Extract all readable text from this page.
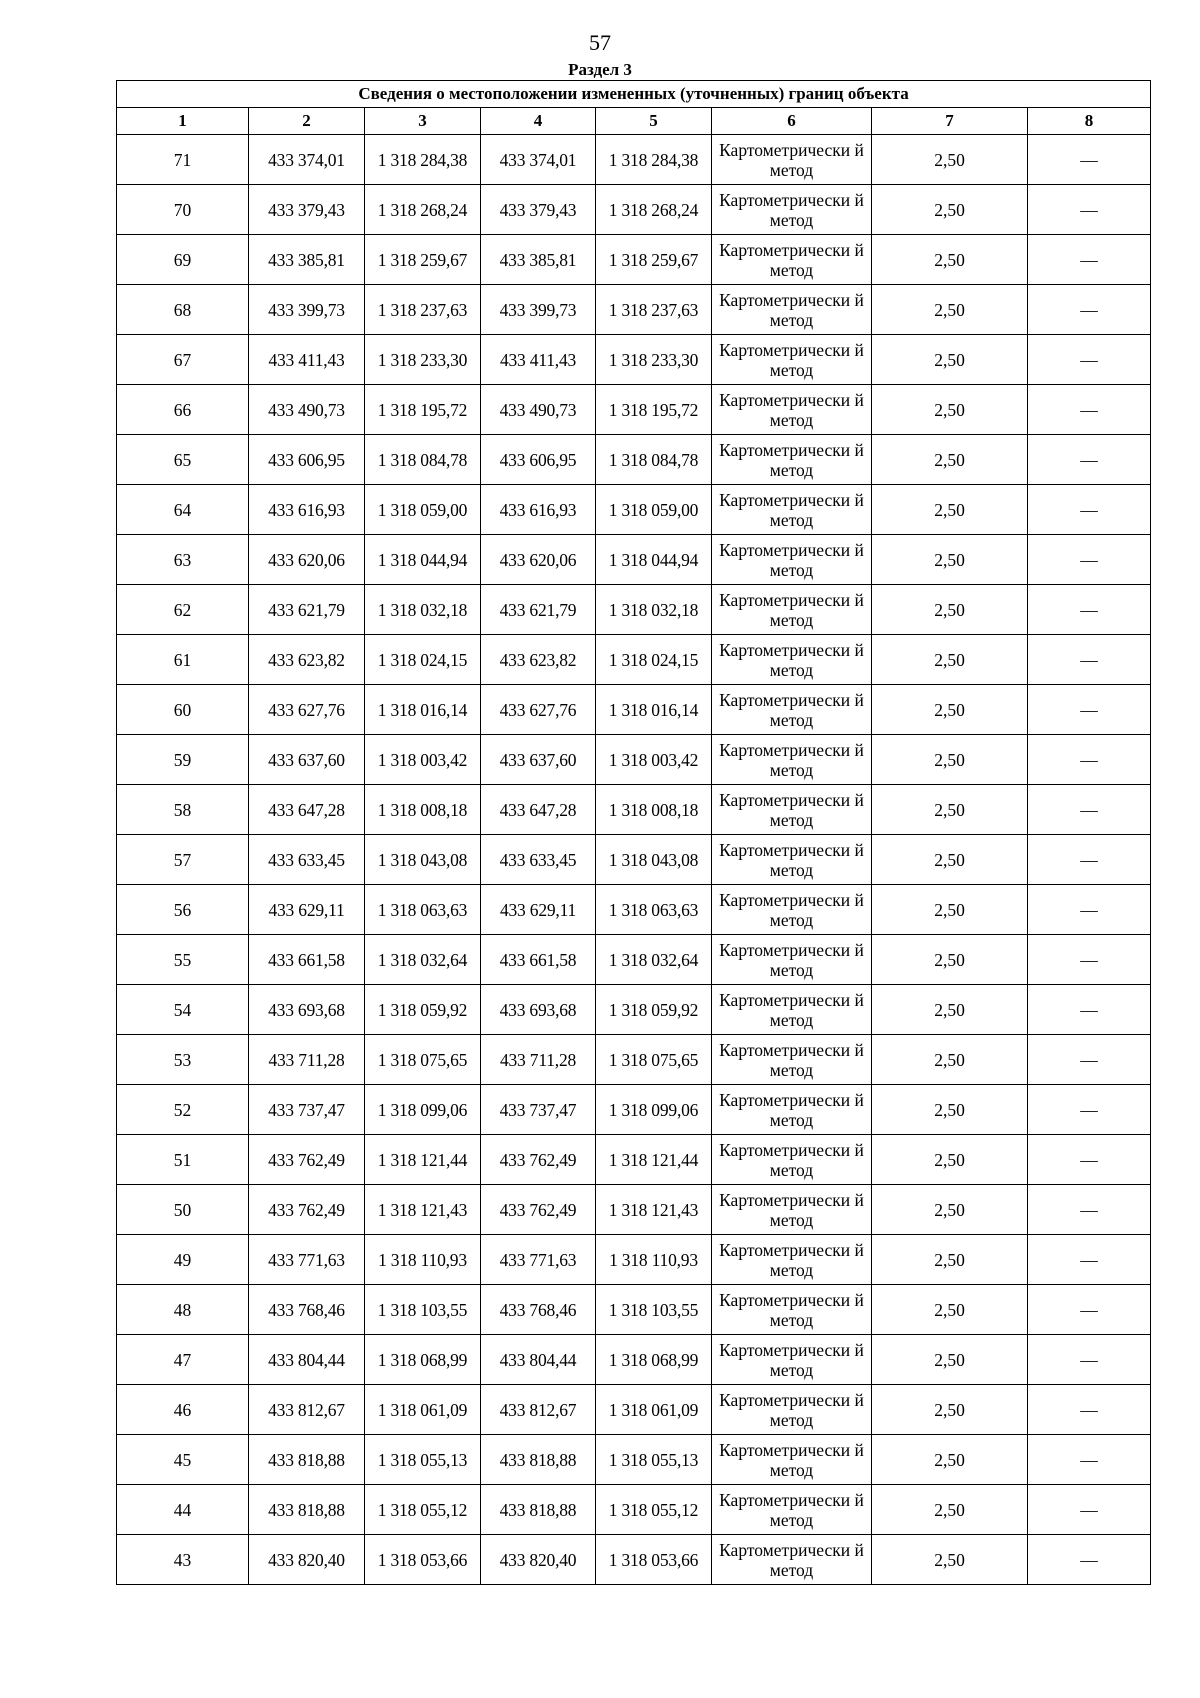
57
Раздел 3
Сведения о местоположении измененных (уточненных) границ объекта							
1	2	3	4	5	6	7	8
71	433 374,01	1 318 284,38	433 374,01	1 318 284,38	Картометрически й метод	2,50	—
70	433 379,43	1 318 268,24	433 379,43	1 318 268,24	Картометрически й метод	2,50	—
69	433 385,81	1 318 259,67	433 385,81	1 318 259,67	Картометрически й метод	2,50	—
68	433 399,73	1 318 237,63	433 399,73	1 318 237,63	Картометрически й метод	2,50	—
67	433 411,43	1 318 233,30	433 411,43	1 318 233,30	Картометрически й метод	2,50	—
66	433 490,73	1 318 195,72	433 490,73	1 318 195,72	Картометрически й метод	2,50	—
65	433 606,95	1 318 084,78	433 606,95	1 318 084,78	Картометрически й метод	2,50	—
64	433 616,93	1 318 059,00	433 616,93	1 318 059,00	Картометрически й метод	2,50	—
63	433 620,06	1 318 044,94	433 620,06	1 318 044,94	Картометрически й метод	2,50	—
62	433 621,79	1 318 032,18	433 621,79	1 318 032,18	Картометрически й метод	2,50	—
61	433 623,82	1 318 024,15	433 623,82	1 318 024,15	Картометрически й метод	2,50	—
60	433 627,76	1 318 016,14	433 627,76	1 318 016,14	Картометрически й метод	2,50	—
59	433 637,60	1 318 003,42	433 637,60	1 318 003,42	Картометрически й метод	2,50	—
58	433 647,28	1 318 008,18	433 647,28	1 318 008,18	Картометрически й метод	2,50	—
57	433 633,45	1 318 043,08	433 633,45	1 318 043,08	Картометрически й метод	2,50	—
56	433 629,11	1 318 063,63	433 629,11	1 318 063,63	Картометрически й метод	2,50	—
55	433 661,58	1 318 032,64	433 661,58	1 318 032,64	Картометрически й метод	2,50	—
54	433 693,68	1 318 059,92	433 693,68	1 318 059,92	Картометрически й метод	2,50	—
53	433 711,28	1 318 075,65	433 711,28	1 318 075,65	Картометрически й метод	2,50	—
52	433 737,47	1 318 099,06	433 737,47	1 318 099,06	Картометрически й метод	2,50	—
51	433 762,49	1 318 121,44	433 762,49	1 318 121,44	Картометрически й метод	2,50	—
50	433 762,49	1 318 121,43	433 762,49	1 318 121,43	Картометрически й метод	2,50	—
49	433 771,63	1 318 110,93	433 771,63	1 318 110,93	Картометрически й метод	2,50	—
48	433 768,46	1 318 103,55	433 768,46	1 318 103,55	Картометрически й метод	2,50	—
47	433 804,44	1 318 068,99	433 804,44	1 318 068,99	Картометрически й метод	2,50	—
46	433 812,67	1 318 061,09	433 812,67	1 318 061,09	Картометрически й метод	2,50	—
45	433 818,88	1 318 055,13	433 818,88	1 318 055,13	Картометрически й метод	2,50	—
44	433 818,88	1 318 055,12	433 818,88	1 318 055,12	Картометрически й метод	2,50	—
43	433 820,40	1 318 053,66	433 820,40	1 318 053,66	Картометрически й метод	2,50	—
